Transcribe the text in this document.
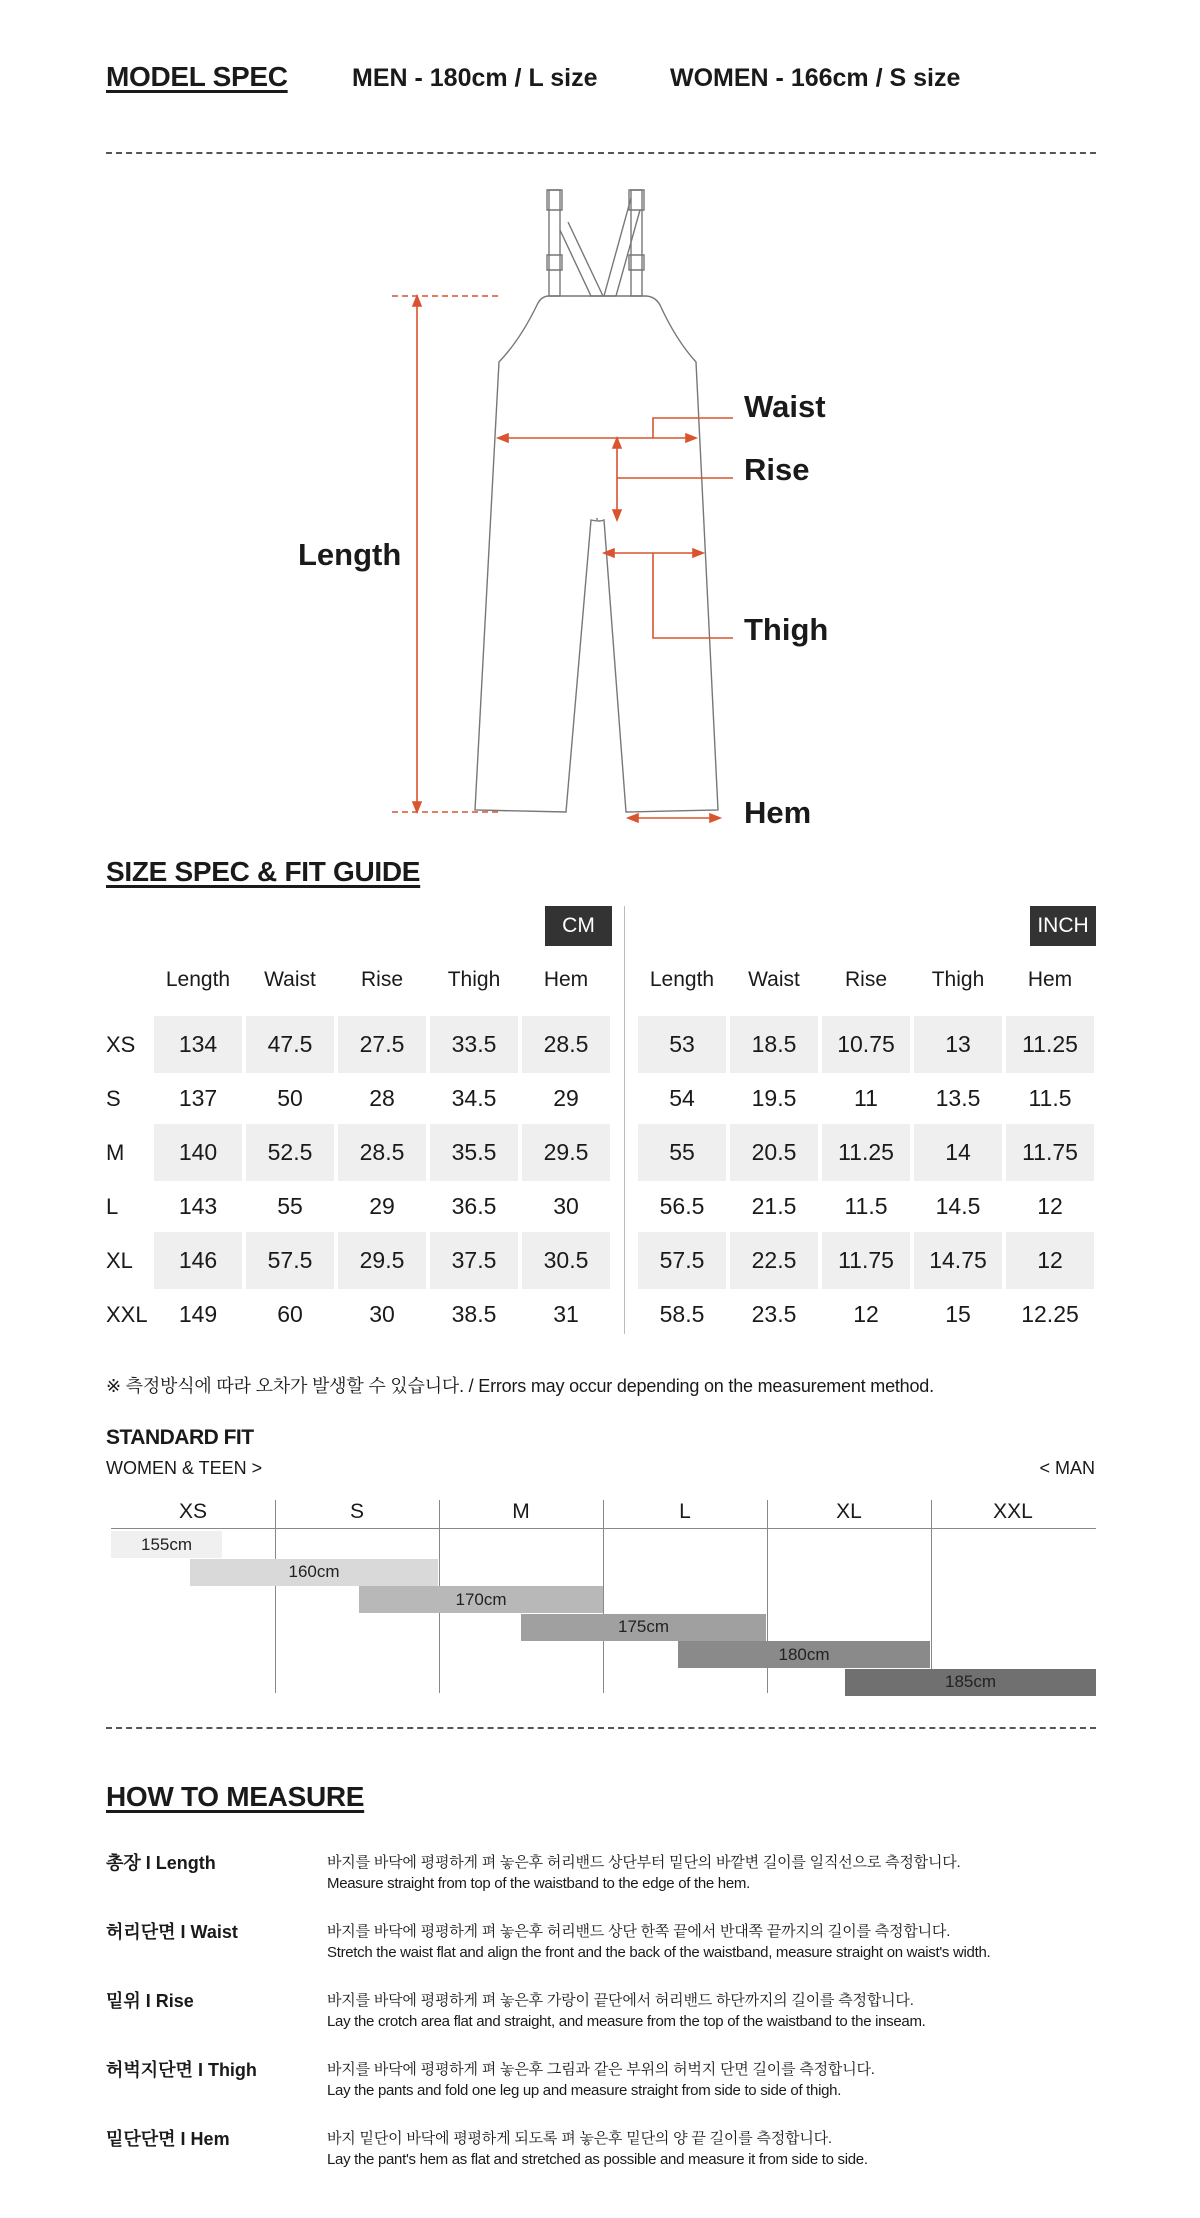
MODEL SPEC	MEN - 180cm / L size	WOMEN - 166cm / S size
Waist
Rise
Length
Thigh
Hem
SIZE SPEC & FIT GUIDE
CM	INCH
Length	Length
Waist	Waist
Rise	Rise
Thigh	Thigh
Hem	Hem
XS	134	47.5	27.5	33.5	28.5	53	18.5	10.75	13	11.25
S	137	50	28	34.5	29	54	19.5	11	13.5	11.5
M	140	52.5	28.5	35.5	29.5	55	20.5	11.25	14	11.75
L	143	55	29	36.5	30	56.5	21.5	11.5	14.5	12
XL	146	57.5	29.5	37.5	30.5	57.5	22.5	11.75	14.75	12
XXL	149	60	30	38.5	31	58.5	23.5	12	15	12.25
※ 측정방식에 따라 오차가 발생할 수 있습니다. / Errors may occur depending on the measurement method.
STANDARD FIT
WOMEN & TEEN >	< MAN
XS	S	M	L	XL	XXL
155cm
160cm
170cm
175cm
180cm
185cm
HOW TO MEASURE
총장 I Length	바지를 바닥에 평평하게 펴 놓은후 허리밴드 상단부터 밑단의 바깥변 길이를 일직선으로 측정합니다.
Measure straight from top of the waistband to the edge of the hem.
허리단면 I Waist	바지를 바닥에 평평하게 펴 놓은후 허리밴드 상단 한쪽 끝에서 반대쪽 끝까지의 길이를 측정합니다.
Stretch the waist flat and align the front and the back of the waistband, measure straight on waist's width.
밑위 I Rise	바지를 바닥에 평평하게 펴 놓은후 가랑이 끝단에서 허리밴드 하단까지의 길이를 측정합니다.
Lay the crotch area flat and straight, and measure from the top of the waistband to the inseam.
허벅지단면 I Thigh	바지를 바닥에 평평하게 펴 놓은후 그림과 같은 부위의 허벅지 단면 길이를 측정합니다.
Lay the pants and fold one leg up and measure straight from side to side of thigh.
밑단단면 I Hem	바지 밑단이 바닥에 평평하게 되도록 펴 놓은후 밑단의 양 끝 길이를 측정합니다.
Lay the pant's hem as flat and stretched as possible and measure it from side to side.
